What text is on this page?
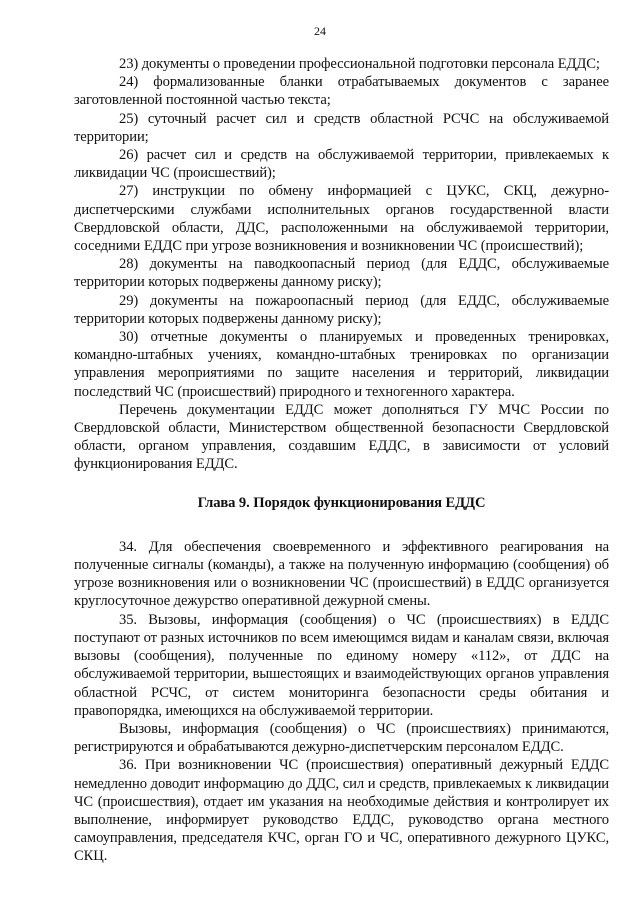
24

23) документы о проведении профессиональной подготовки персонала ЕДДС;

24) формализованные бланки отрабатываемых документов с заранее заготовленной постоянной частью текста;

25) суточный расчет сил и средств областной РСЧС на обслуживаемой территории;

26) расчет сил и средств на обслуживаемой территории, привлекаемых к ликвидации ЧС (происшествий);

27) инструкции по обмену информацией с ЦУКС, СКЦ, дежурно-диспетчерскими службами исполнительных органов государственной власти Свердловской области, ДДС, расположенными на обслуживаемой территории, соседними ЕДДС при угрозе возникновения и возникновении ЧС (происшествий);

28) документы на паводкоопасный период (для ЕДДС, обслуживаемые территории которых подвержены данному риску);

29) документы на пожароопасный период (для ЕДДС, обслуживаемые территории которых подвержены данному риску);

30) отчетные документы о планируемых и проведенных тренировках, командно-штабных учениях, командно-штабных тренировках по организации управления мероприятиями по защите населения и территорий, ликвидации последствий ЧС (происшествий) природного и техногенного характера.

Перечень документации ЕДДС может дополняться ГУ МЧС России по Свердловской области, Министерством общественной безопасности Свердловской области, органом управления, создавшим ЕДДС, в зависимости от условий функционирования ЕДДС.

Глава 9. Порядок функционирования ЕДДС

34. Для обеспечения своевременного и эффективного реагирования на полученные сигналы (команды), а также на полученную информацию (сообщения) об угрозе возникновения или о возникновении ЧС (происшествий) в ЕДДС организуется круглосуточное дежурство оперативной дежурной смены.

35. Вызовы, информация (сообщения) о ЧС (происшествиях) в ЕДДС поступают от разных источников по всем имеющимся видам и каналам связи, включая вызовы (сообщения), полученные по единому номеру «112», от ДДС на обслуживаемой территории, вышестоящих и взаимодействующих органов управления областной РСЧС, от систем мониторинга безопасности среды обитания и правопорядка, имеющихся на обслуживаемой территории.

Вызовы, информация (сообщения) о ЧС (происшествиях) принимаются, регистрируются и обрабатываются дежурно-диспетчерским персоналом ЕДДС.

36. При возникновении ЧС (происшествия) оперативный дежурный ЕДДС немедленно доводит информацию до ДДС, сил и средств, привлекаемых к ликвидации ЧС (происшествия), отдает им указания на необходимые действия и контролирует их выполнение, информирует руководство ЕДДС, руководство органа местного самоуправления, председателя КЧС, орган ГО и ЧС, оперативного дежурного ЦУКС, СКЦ.
